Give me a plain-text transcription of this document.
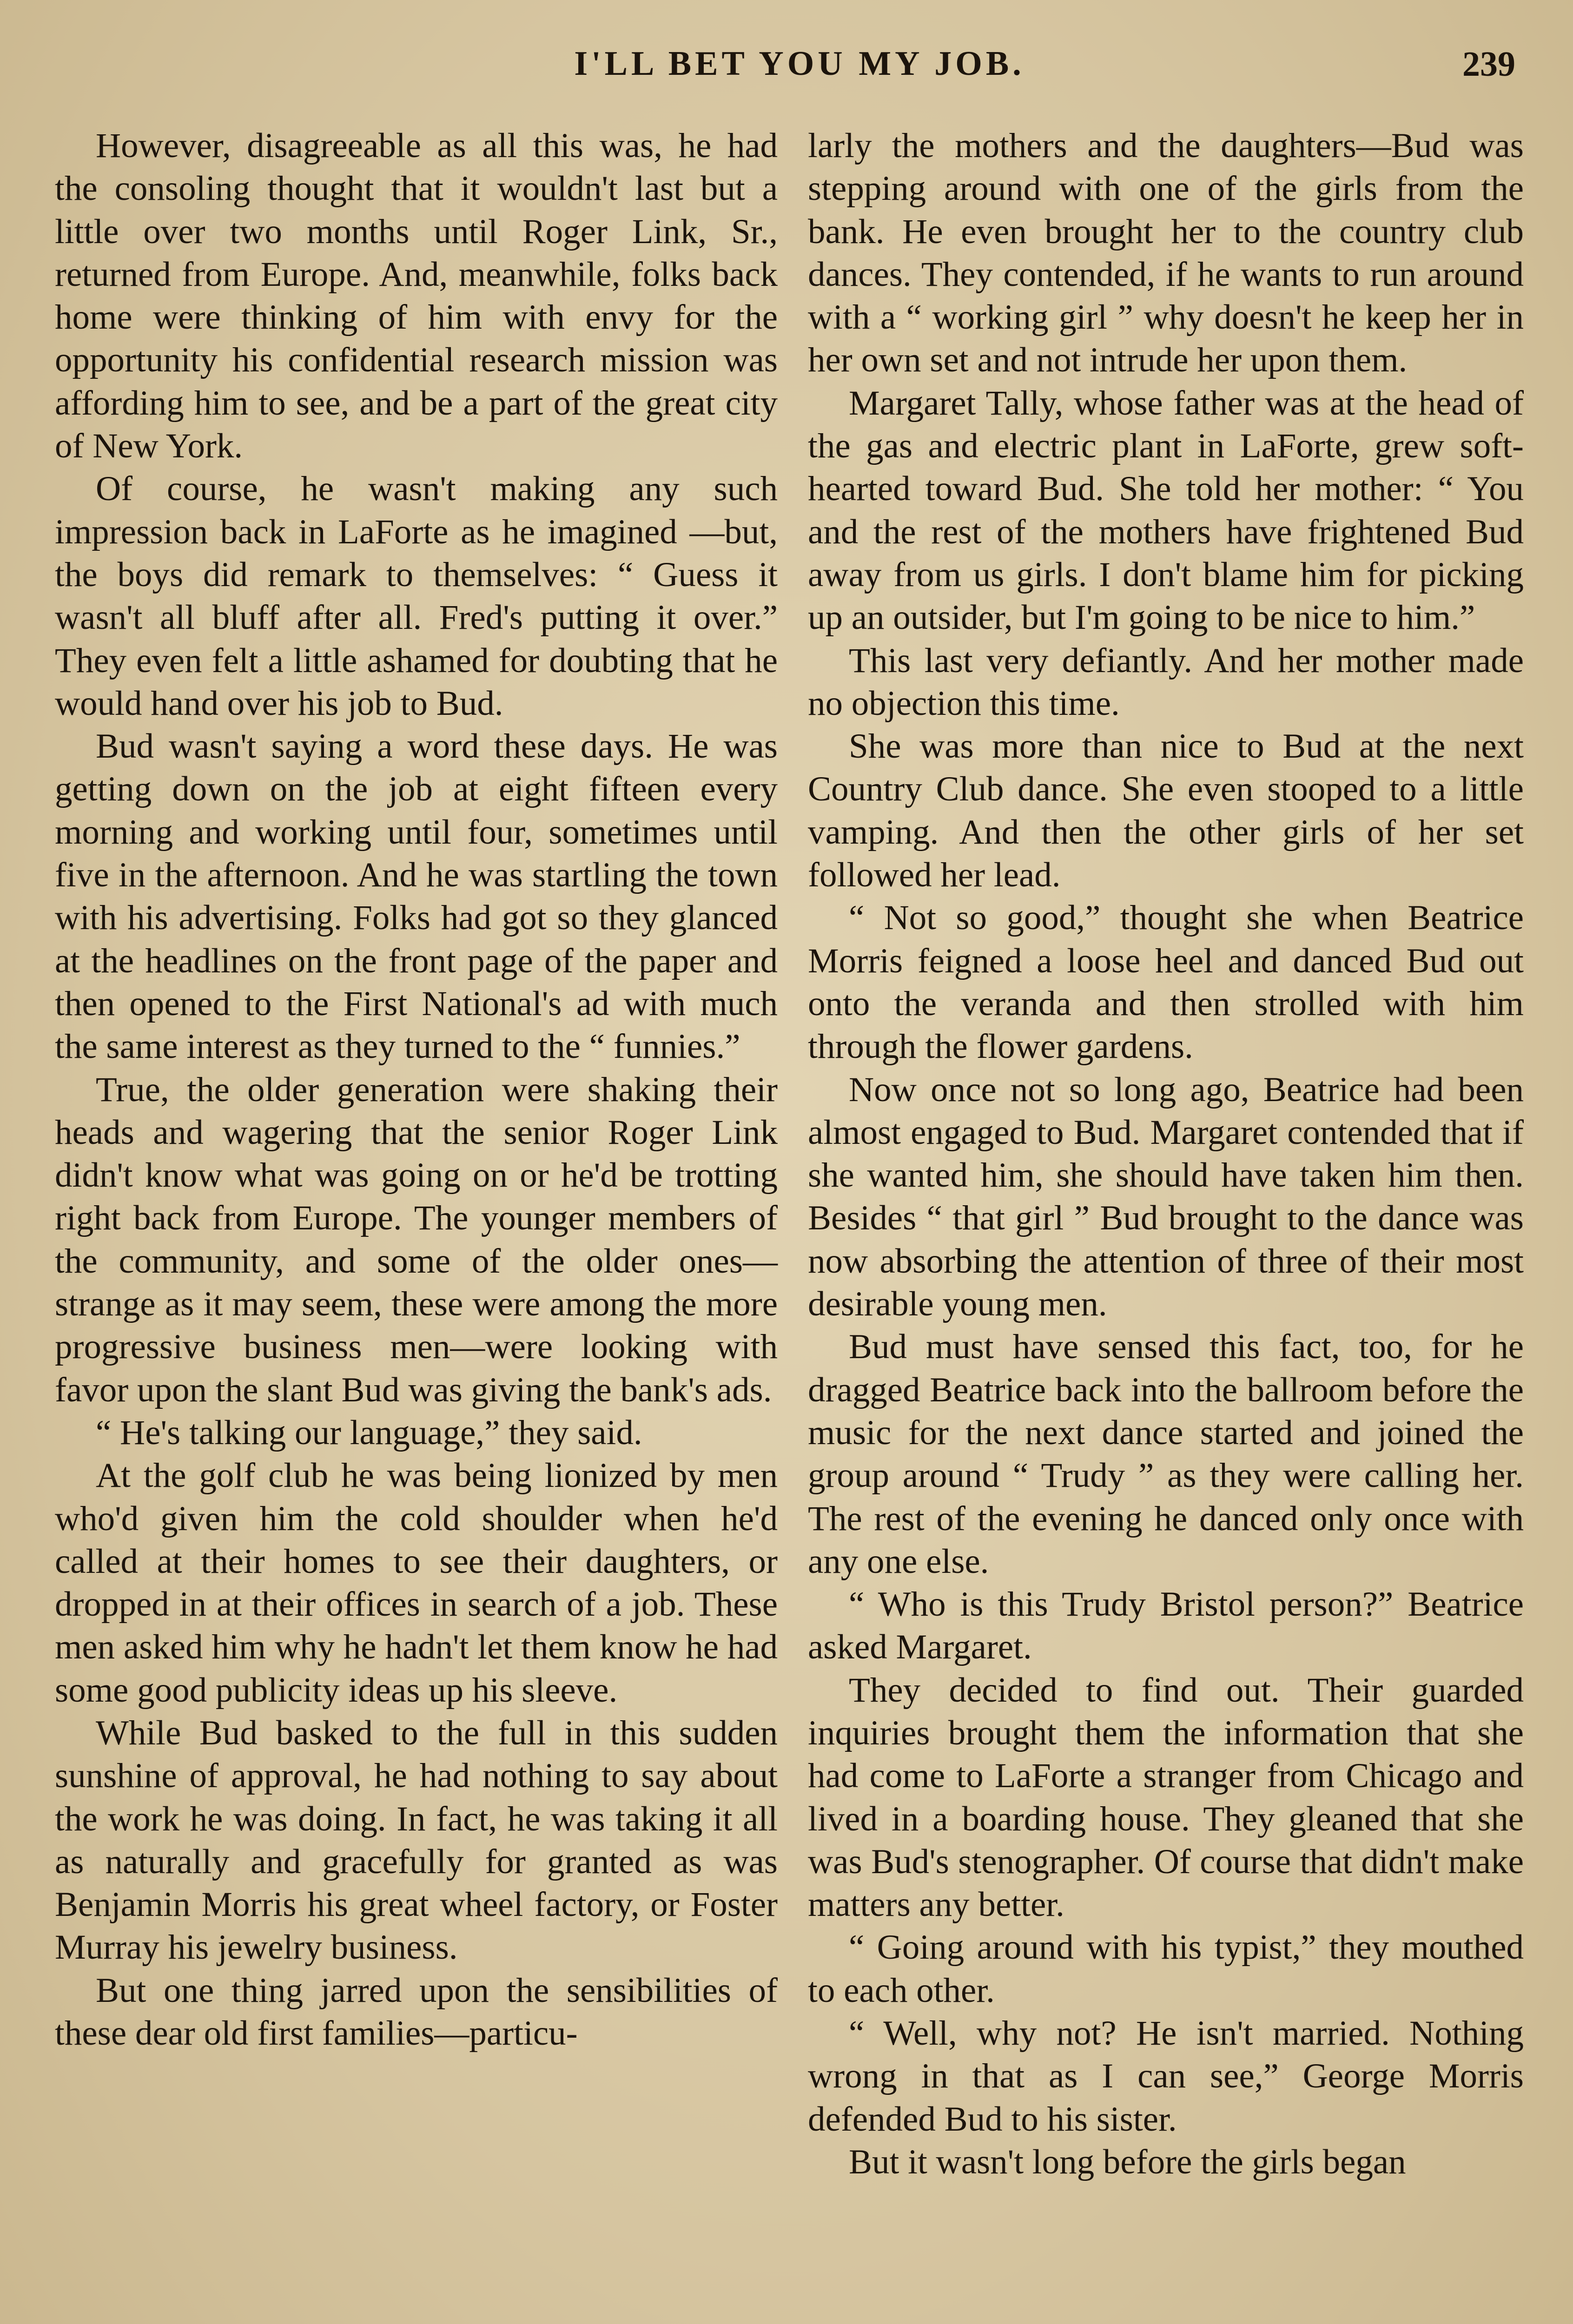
I'LL BET YOU MY JOB.	239

However, disagreeable as all this was, he had the consoling thought that it wouldn't last but a little over two months until Roger Link, Sr., returned from Europe. And, meanwhile, folks back home were thinking of him with envy for the opportunity his confidential research mission was affording him to see, and be a part of the great city of New York.

Of course, he wasn't making any such impression back in LaForte as he imagined —but, the boys did remark to themselves: “ Guess it wasn't all bluff after all. Fred's putting it over.” They even felt a little ashamed for doubting that he would hand over his job to Bud.

Bud wasn't saying a word these days. He was getting down on the job at eight fifteen every morning and working until four, sometimes until five in the afternoon. And he was startling the town with his advertising. Folks had got so they glanced at the headlines on the front page of the paper and then opened to the First National's ad with much the same interest as they turned to the “ funnies.”

True, the older generation were shaking their heads and wagering that the senior Roger Link didn't know what was going on or he'd be trotting right back from Europe. The younger members of the community, and some of the older ones— strange as it may seem, these were among the more progressive business men—were looking with favor upon the slant Bud was giving the bank's ads.

“ He's talking our language,” they said.

At the golf club he was being lionized by men who'd given him the cold shoulder when he'd called at their homes to see their daughters, or dropped in at their offices in search of a job. These men asked him why he hadn't let them know he had some good publicity ideas up his sleeve.

While Bud basked to the full in this sudden sunshine of approval, he had nothing to say about the work he was doing. In fact, he was taking it all as naturally and gracefully for granted as was Benjamin Morris his great wheel factory, or Foster Murray his jewelry business.

But one thing jarred upon the sensibilities of these dear old first families—particu-

larly the mothers and the daughters—Bud was stepping around with one of the girls from the bank. He even brought her to the country club dances. They contended, if he wants to run around with a “ working girl ” why doesn't he keep her in her own set and not intrude her upon them.

Margaret Tally, whose father was at the head of the gas and electric plant in LaForte, grew soft-hearted toward Bud. She told her mother: “ You and the rest of the mothers have frightened Bud away from us girls. I don't blame him for picking up an outsider, but I'm going to be nice to him.”

This last very defiantly. And her mother made no objection this time.

She was more than nice to Bud at the next Country Club dance. She even stooped to a little vamping. And then the other girls of her set followed her lead.

“ Not so good,” thought she when Beatrice Morris feigned a loose heel and danced Bud out onto the veranda and then strolled with him through the flower gardens.

Now once not so long ago, Beatrice had been almost engaged to Bud. Margaret contended that if she wanted him, she should have taken him then. Besides “ that girl ” Bud brought to the dance was now absorbing the attention of three of their most desirable young men.

Bud must have sensed this fact, too, for he dragged Beatrice back into the ballroom before the music for the next dance started and joined the group around “ Trudy ” as they were calling her. The rest of the evening he danced only once with any one else.

“ Who is this Trudy Bristol person?” Beatrice asked Margaret.

They decided to find out. Their guarded inquiries brought them the information that she had come to LaForte a stranger from Chicago and lived in a boarding house. They gleaned that she was Bud's stenographer. Of course that didn't make matters any better.

“ Going around with his typist,” they mouthed to each other.

“ Well, why not? He isn't married. Nothing wrong in that as I can see,” George Morris defended Bud to his sister.

But it wasn't long before the girls began
